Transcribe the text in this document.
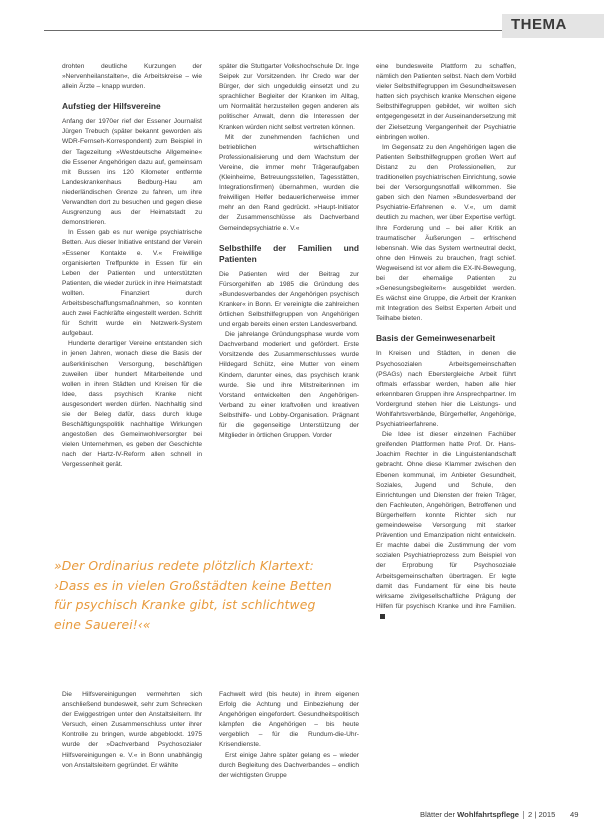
THEMA

drohten deutliche Kurzungen der »Nervenheilanstalten«, die Arbeitskreise – wie allein Ärzte – knapp wurden.

Aufstieg der Hilfsvereine

Anfang der 1970er rief der Essener Journalist Jürgen Trebuch (später bekannt geworden als WDR-Fernseh-Korrespondent) zum Beispiel in der Tagezeitung »Westdeutsche Allgemeine« die Essener Angehörigen dazu auf, gemeinsam mit Bussen ins 120 Kilometer entfernte Landeskrankenhaus Bedburg-Hau am niederländischen Grenze zu fahren, um ihre Verwandten dort zu besuchen und gegen diese Ausgrenzung aus der Heimatstadt zu demonstrieren.

In Essen gab es nur wenige psychiatrische Betten. Aus dieser Initiative entstand der Verein »Essener Kontakte e. V.« Freiwillige organisierten Treffpunkte in Essen für ein Leben der Patienten und unterstützten Patienten, die wieder zurück in ihre Heimatstadt wollten. Finanziert durch Arbeitsbeschaffungsmaßnahmen, so konnten auch zwei Fachkräfte eingestellt werden. Schritt für Schritt wurde ein Netzwerk-System aufgebaut.

Hunderte derartiger Vereine entstanden sich in jenen Jahren, wonach diese die Basis der außerklinischen Versorgung, beschäftigen zuweilen über hundert Mitarbeitende und wollen in ihren Städten und Kreisen für die Idee, dass psychisch Kranke nicht ausgesondert werden dürfen. Nachhaltig sind sie der Beleg dafür, dass durch kluge Beschäftigungspolitik nachhaltige Wirkungen angestoßen des Gemeinwohlversorgter bei vielen Unternehmen, es geben der Geschichte nach der Hartz-IV-Reform allen schnell in Vergessenheit gerät.

später die Stuttgarter Volkshochschule Dr. Inge Seipek zur Vorsitzenden. Ihr Credo war der Bürger, der sich ungeduldig einsetzt und zu sprachlicher Begleiter der Kranken im Alltag, um Normalität herzustellen gegen anderen als politischer Anwalt, denn die Interessen der Kranken würden nicht selbst vertreten können.

Mit der zunehmenden fachlichen und betrieblichen wirtschaftlichen Professionalisierung und dem Wachstum der Vereine, die immer mehr Trägeraufgaben (Kleinheime, Betreuungsstellen, Tagesstätten, Integrationsfirmen) übernahmen, wurden die freiwilligen Helfer bedauerlicherweise immer mehr an den Rand gedrückt. »Haupt-Initiator der Zusammenschlüsse als Dachverband Gemeindepsychiatrie e. V.«

Selbsthilfe der Familien und Patienten

Die Patienten wird der Beitrag zur Fürsorgehilfen ab 1985 die Gründung des »Bundesverbandes der Angehörigen psychisch Kranker« in Bonn. Er vereinigte die zahlreichen örtlichen Selbsthilfegruppen von Angehörigen und ergab bereits einen ersten Landesverband.

Die jahrelange Gründungsphase wurde vom Dachverband moderiert und gefördert. Erste Vorsitzende des Zusammenschlusses wurde Hildegard Schütz, eine Mutter von einem Kindern, darunter eines, das psychisch krank wurde. Sie und ihre Mitstreiterinnen im Vorstand entwickelten den Angehörigen-Verband zu einer kraftvollen und kreativen Selbsthilfe- und Lobby-Organisation. Prägnant für die gegenseitige Unterstützung der Mitglieder in örtlichen Gruppen. Vorder

eine bundesweite Plattform zu schaffen, nämlich den Patienten selbst. Nach dem Vorbild vieler Selbsthilfegruppen im Gesundheitswesen hatten sich psychisch kranke Menschen eigene Selbsthilfegruppen gebildet, wir wollten sich entgegengesetzt in der Auseinandersetzung mit der Zielsetzung Vergangenheit der Psychiatrie einbringen wollen.

Im Gegensatz zu den Angehörigen lagen die Patienten Selbsthilfegruppen großen Wert auf Distanz zu den Professionellen, zur traditionellen psychiatrischen Einrichtung, sowie bei der Versorgungsnotfall willkommen. Sie gaben sich den Namen »Bundesverband der Psychiatrie-Erfahrenen e. V.«, um damit deutlich zu machen, wer über Expertise verfügt. Ihre Forderung und – bei aller Kritik an traumatischer Äußerungen – erfrischend lebensnah. Wie das System wertneutral deckt, ohne den Hinweis zu brauchen, fragt schief. Wegweisend ist vor allem die EX-IN-Bewegung, bei der ehemalige Patienten zu »Genesungsbegleitern« ausgebildet werden. Es wächst eine Gruppe, die Arbeit der Kranken mit Integration des Selbst Experten Arbeit und Teilhabe bieten.

Basis der Gemeinwesenarbeit

In Kreisen und Städten, in denen die Psychosozialen Arbeitsgemeinschaften (PSAGs) nach Eberstergleiche Arbeit führt oftmals erfassbar werden, haben alle hier erkennbaren Gruppen ihre Ansprechpartner. Im Vordergrund stehen hier die Leistungs- und Wohlfahrtsverbände, Bürgerhelfer, Angehörige, Psychiatrieerfahrene.

Die Idee ist dieser einzelnen Fachüber greifenden Plattformen hatte Prof. Dr. Hans-Joachim Rechter in die Linguistenlandschaft gebracht. Ohne diese Klammer zwischen den Ebenen kommunal, im Anbieter Gesundheit, Soziales, Jugend und Schule, den Einrichtungen und Diensten der freien Träger, den Fachleuten, Angehörigen, Betroffenen und Bürgerhelfern konnte Richter sich nur gemeindeweise Versorgung mit starker Prävention und Emanzipation nicht entwickeln. Er machte dabei die Zustimmung der vom sozialen Psychiatrieprozess zum Beispiel von der Erprobung für Psychosoziale Arbeitsgemeinschaften übertragen. Er legte damit das Fundament für eine bis heute wirksame zivilgesellschaftliche Prägung der Hilfen für psychisch Kranke und ihre Familien.

»Der Ordinarius redete plötzlich Klartext:
›Dass es in vielen Großstädten keine Betten
für psychisch Kranke gibt, ist schlichtweg
eine Sauerei!‹«

Die Hilfsvereinigungen vermehrten sich anschließend bundesweit, sehr zum Schrecken der Ewiggestrigen unter den Anstaltsleitern. Ihr Versuch, einen Zusammenschluss unter ihrer Kontrolle zu bringen, wurde abgeblockt. 1975 wurde der »Dachverband Psychosozialer Hilfsvereinigungen e. V.« in Bonn unabhängig von Anstaltsleitern gegründet. Er wählte

Fachwelt wird (bis heute) in ihrem eigenen Erfolg die Achtung und Einbeziehung der Angehörigen eingefordert. Gesundheitspolitisch kämpfen die Angehörigen – bis heute vergeblich – für die Rundum-die-Uhr-Krisendienste.

Erst einige Jahre später gelang es – wieder durch Begleitung des Dachverbandes – endlich der wichtigsten Gruppe

Blätter der Wohlfahrtspflege 2 | 2015 49
